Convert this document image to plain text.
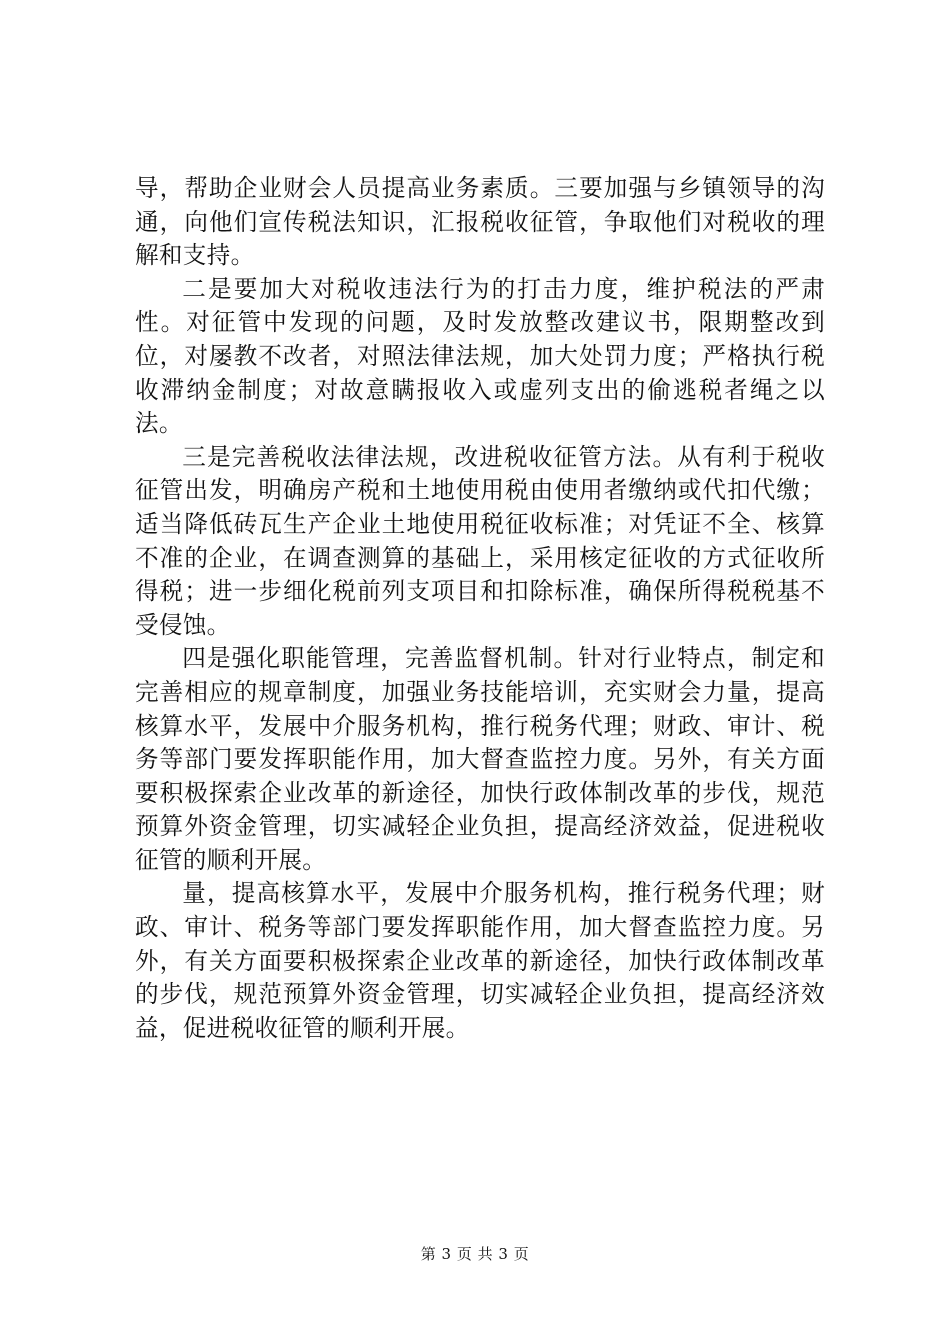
导，帮助企业财会人员提高业务素质。三要加强与乡镇领导的沟通，向他们宣传税法知识，汇报税收征管，争取他们对税收的理解和支持。

二是要加大对税收违法行为的打击力度，维护税法的严肃性。对征管中发现的问题，及时发放整改建议书，限期整改到位，对屡教不改者，对照法律法规，加大处罚力度；严格执行税收滞纳金制度；对故意瞒报收入或虚列支出的偷逃税者绳之以法。

三是完善税收法律法规，改进税收征管方法。从有利于税收征管出发，明确房产税和土地使用税由使用者缴纳或代扣代缴；适当降低砖瓦生产企业土地使用税征收标准；对凭证不全、核算不准的企业，在调查测算的基础上，采用核定征收的方式征收所得税；进一步细化税前列支项目和扣除标准，确保所得税税基不受侵蚀。

四是强化职能管理，完善监督机制。针对行业特点，制定和完善相应的规章制度，加强业务技能培训，充实财会力量，提高核算水平，发展中介服务机构，推行税务代理；财政、审计、税务等部门要发挥职能作用，加大督查监控力度。另外，有关方面要积极探索企业改革的新途径，加快行政体制改革的步伐，规范预算外资金管理，切实减轻企业负担，提高经济效益，促进税收征管的顺利开展。

量，提高核算水平，发展中介服务机构，推行税务代理；财政、审计、税务等部门要发挥职能作用，加大督查监控力度。另外，有关方面要积极探索企业改革的新途径，加快行政体制改革的步伐，规范预算外资金管理，切实减轻企业负担，提高经济效益，促进税收征管的顺利开展。

第 3 页 共 3 页
